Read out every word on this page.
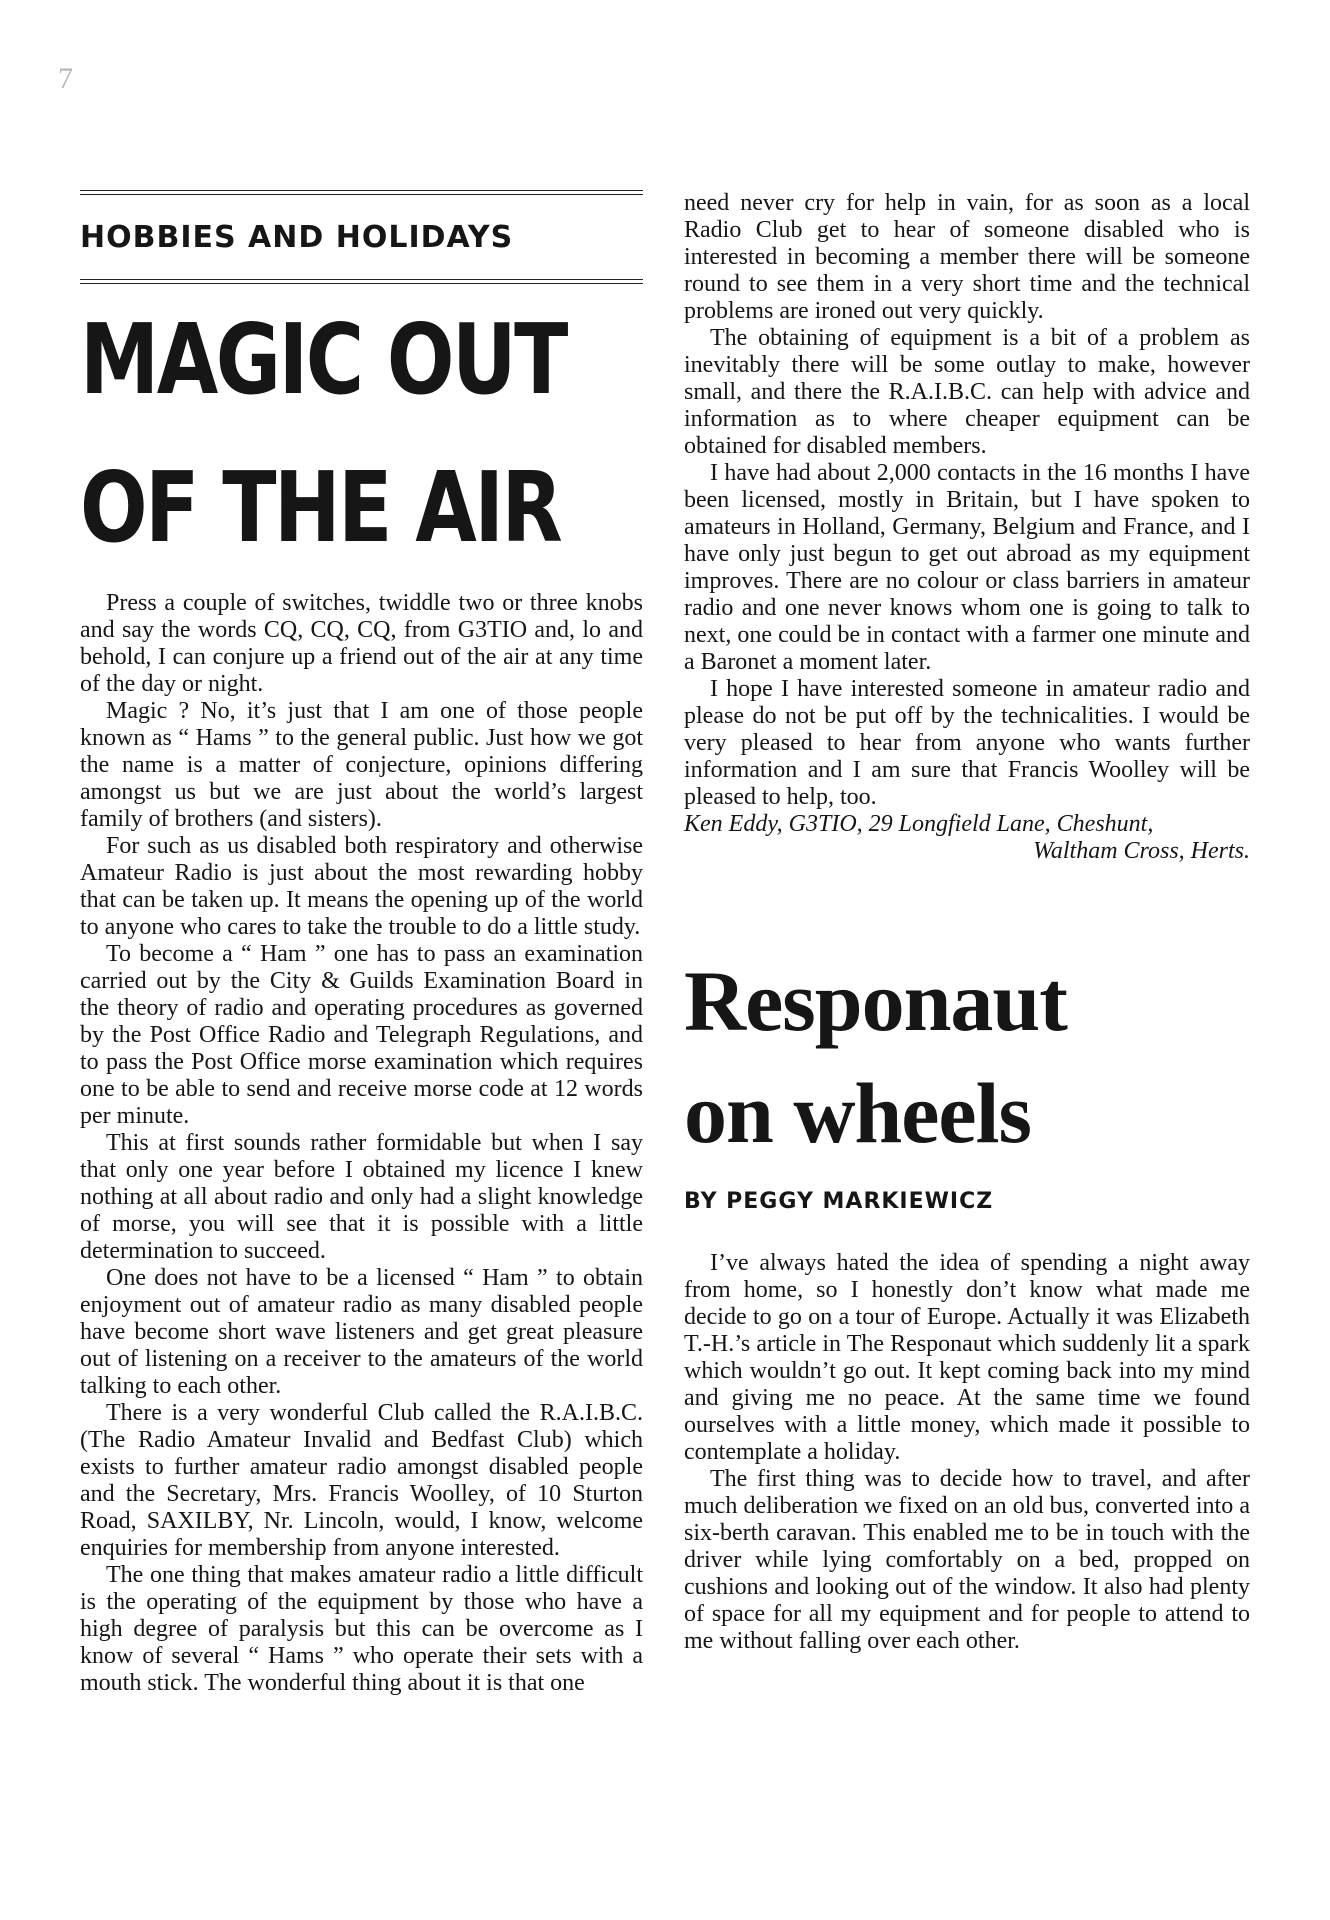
7
HOBBIES AND HOLIDAYS
MAGIC OUT
OF THE AIR

Press a couple of switches, twiddle two or three knobs and say the words CQ, CQ, CQ, from G3TIO and, lo and behold, I can conjure up a friend out of the air at any time of the day or night.

Magic ? No, it’s just that I am one of those people known as “ Hams ” to the general public. Just how we got the name is a matter of conjecture, opinions differing amongst us but we are just about the world’s largest family of brothers (and sisters).

For such as us disabled both respiratory and otherwise Amateur Radio is just about the most rewarding hobby that can be taken up. It means the opening up of the world to anyone who cares to take the trouble to do a little study.

To become a “ Ham ” one has to pass an examination carried out by the City & Guilds Examination Board in the theory of radio and operating procedures as governed by the Post Office Radio and Telegraph Regulations, and to pass the Post Office morse examination which requires one to be able to send and receive morse code at 12 words per minute.

This at first sounds rather formidable but when I say that only one year before I obtained my licence I knew nothing at all about radio and only had a slight knowledge of morse, you will see that it is possible with a little determination to succeed.

One does not have to be a licensed “ Ham ” to obtain enjoyment out of amateur radio as many disabled people have become short wave listeners and get great pleasure out of listening on a receiver to the amateurs of the world talking to each other.

There is a very wonderful Club called the R.A.I.B.C. (The Radio Amateur Invalid and Bedfast Club) which exists to further amateur radio amongst disabled people and the Secretary, Mrs. Francis Woolley, of 10 Sturton Road, SAXILBY, Nr. Lincoln, would, I know, welcome enquiries for membership from anyone interested.

The one thing that makes amateur radio a little difficult is the operating of the equipment by those who have a high degree of paralysis but this can be overcome as I know of several “ Hams ” who operate their sets with a mouth stick. The wonderful thing about it is that one

need never cry for help in vain, for as soon as a local Radio Club get to hear of someone disabled who is interested in becoming a member there will be someone round to see them in a very short time and the technical problems are ironed out very quickly.

The obtaining of equipment is a bit of a problem as inevitably there will be some outlay to make, however small, and there the R.A.I.B.C. can help with advice and information as to where cheaper equipment can be obtained for disabled members.

I have had about 2,000 contacts in the 16 months I have been licensed, mostly in Britain, but I have spoken to amateurs in Holland, Germany, Belgium and France, and I have only just begun to get out abroad as my equipment improves. There are no colour or class barriers in amateur radio and one never knows whom one is going to talk to next, one could be in contact with a farmer one minute and a Baronet a moment later.

I hope I have interested someone in amateur radio and please do not be put off by the technicalities. I would be very pleased to hear from anyone who wants further information and I am sure that Francis Woolley will be pleased to help, too.

Ken Eddy, G3TIO, 29 Longfield Lane, Cheshunt,
Waltham Cross, Herts.
Responaut
on wheels
BY PEGGY MARKIEWICZ

I’ve always hated the idea of spending a night away from home, so I honestly don’t know what made me decide to go on a tour of Europe. Actually it was Elizabeth T.-H.’s article in The Responaut which suddenly lit a spark which wouldn’t go out. It kept coming back into my mind and giving me no peace. At the same time we found ourselves with a little money, which made it possible to contemplate a holiday.

The first thing was to decide how to travel, and after much deliberation we fixed on an old bus, converted into a six-berth caravan. This enabled me to be in touch with the driver while lying comfortably on a bed, propped on cushions and looking out of the window. It also had plenty of space for all my equipment and for people to attend to me without falling over each other.
